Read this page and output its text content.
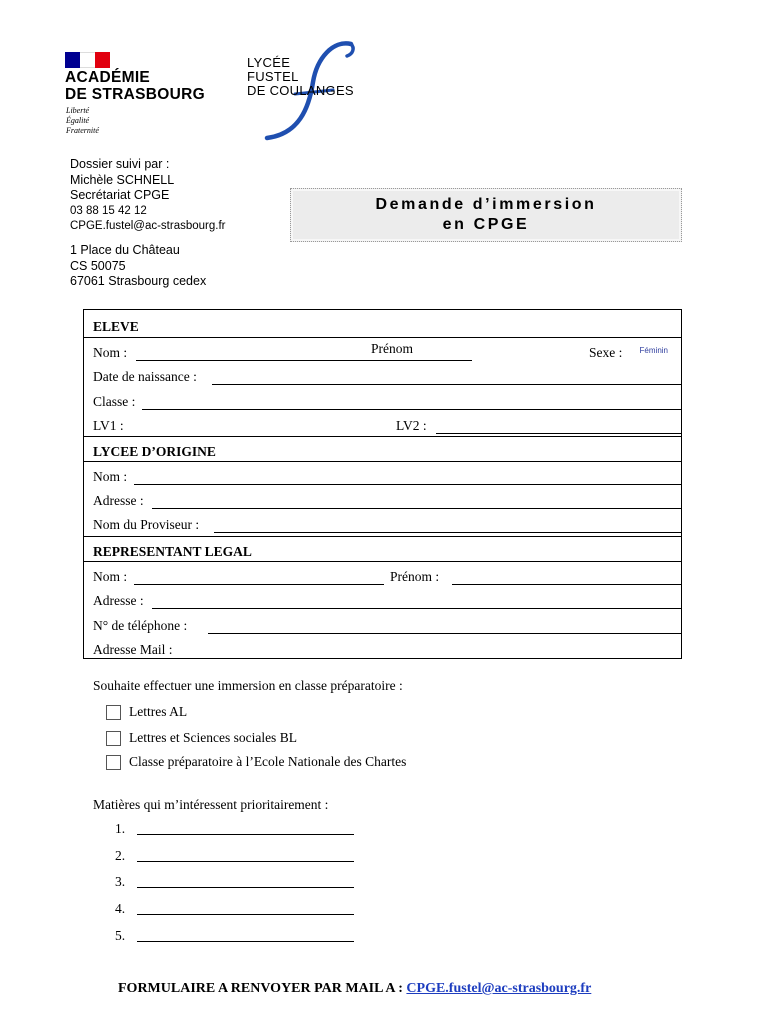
ACADÉMIE
DE STRASBOURG
Liberté
Égalité
Fraternité
LYCÉE
FUSTEL
DE COULANGES
Dossier suivi par :
Michèle SCHNELL
Secrétariat CPGE
03 88 15 42 12
CPGE.fustel@ac-strasbourg.fr
1 Place du Château
CS 50075
67061 Strasbourg cedex
Demande d’immersion
en CPGE
ELEVE
Nom :	Prénom	Sexe : Féminin
Date de naissance :
Classe :
LV1 :	LV2 :
LYCEE D’ORIGINE
Nom :
Adresse :
Nom du Proviseur :
REPRESENTANT LEGAL
Nom :	Prénom :
Adresse :
N° de téléphone :
Adresse Mail :
Souhaite effectuer une immersion en classe préparatoire :
Lettres AL
Lettres et Sciences sociales BL
Classe préparatoire à l’Ecole Nationale des Chartes
Matières qui m’intéressent prioritairement :
1.
2.
3.
4.
5.
FORMULAIRE A RENVOYER PAR MAIL A : CPGE.fustel@ac-strasbourg.fr
